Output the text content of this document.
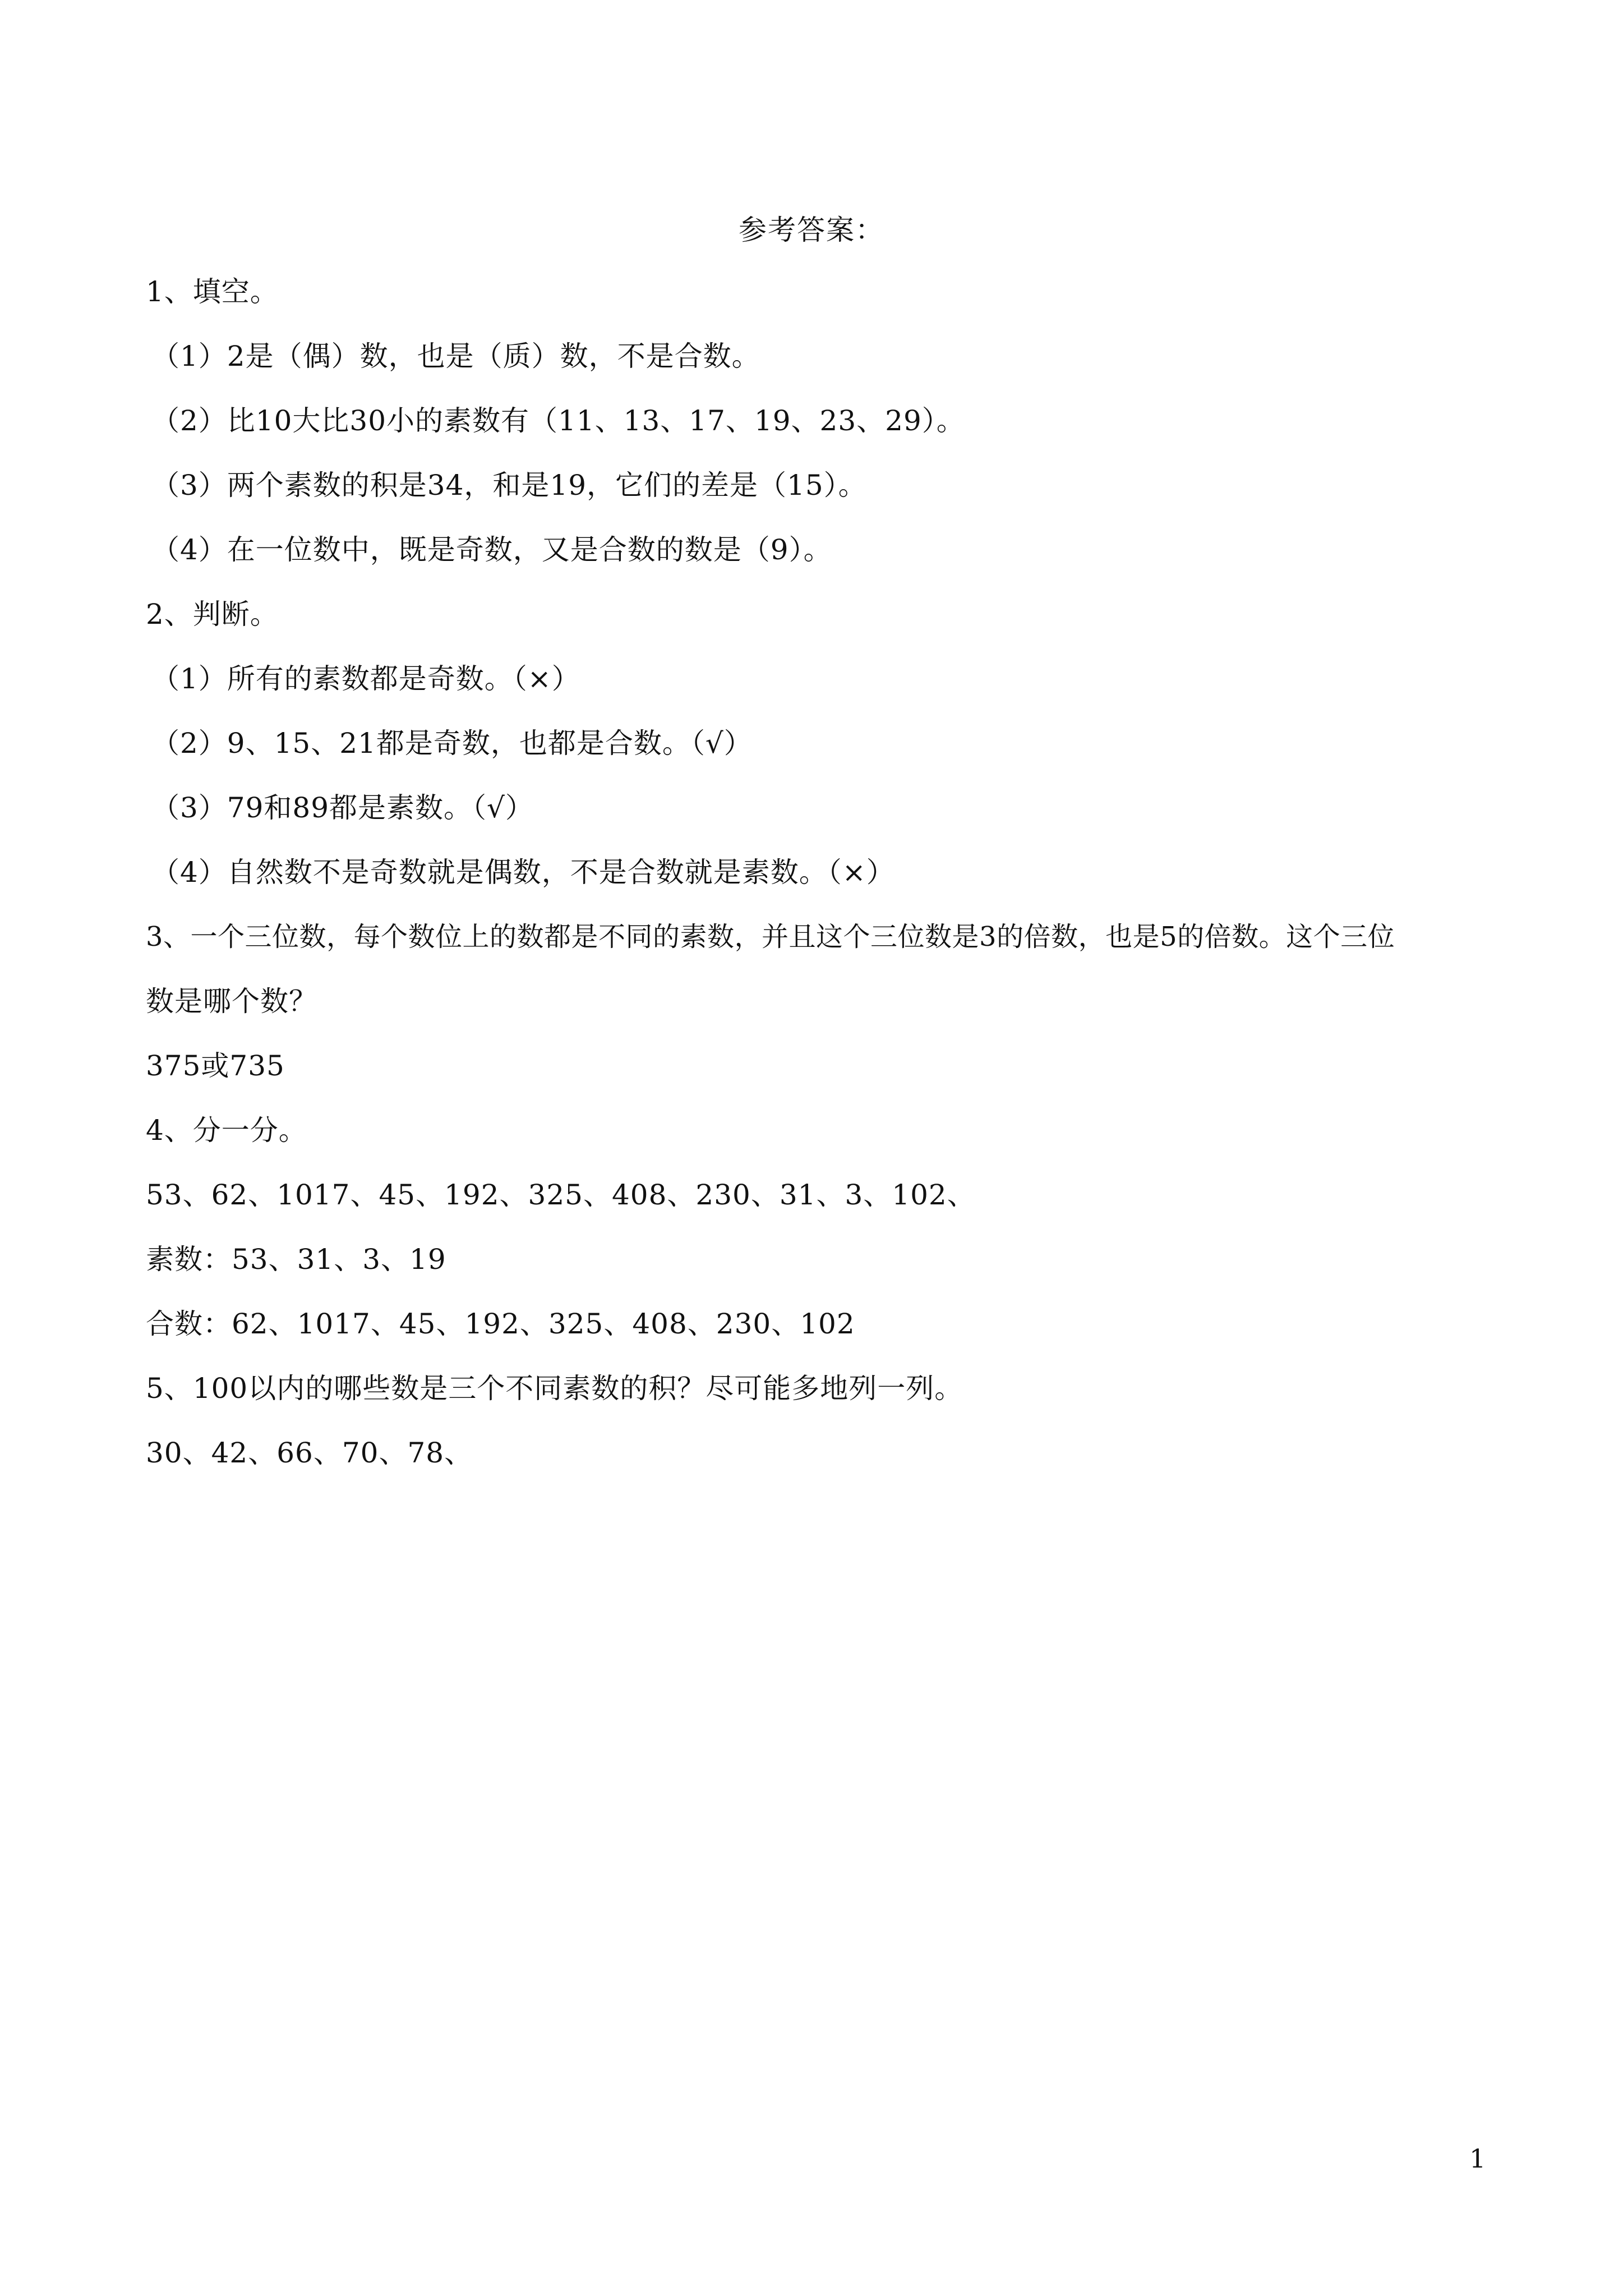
参考答案：
1、填空。
（1）2是（偶）数，也是（质）数，不是合数。
（2）比10大比30小的素数有（11、13、17、19、23、29）。
（3）两个素数的积是34，和是19，它们的差是（15）。
（4）在一位数中，既是奇数，又是合数的数是（9）。
2、判断。
（1）所有的素数都是奇数。（×）
（2）9、15、21都是奇数，也都是合数。（√）
（3）79和89都是素数。（√）
（4）自然数不是奇数就是偶数，不是合数就是素数。（×）
3、一个三位数，每个数位上的数都是不同的素数，并且这个三位数是3的倍数，也是5的倍数。这个三位
数是哪个数？
375或735
4、分一分。
53、62、1017、45、192、325、408、230、31、3、102、
素数：53、31、3、19
合数：62、1017、45、192、325、408、230、102
5、100以内的哪些数是三个不同素数的积？尽可能多地列一列。
30、42、66、70、78、
1
